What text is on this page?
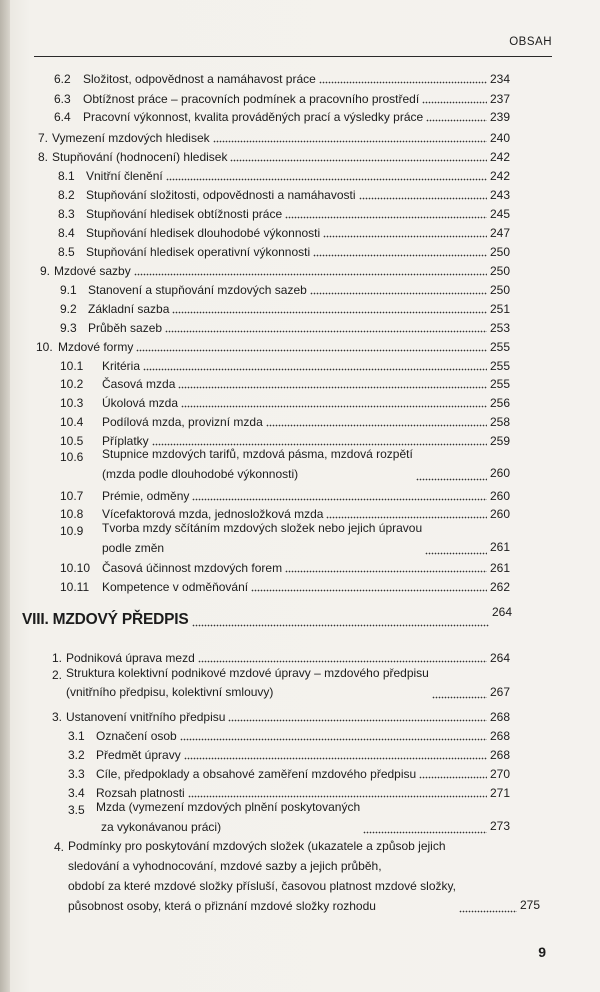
OBSAH
6.2	Složitost, odpovědnost a namáhavost práce	234
6.3	Obtížnost práce – pracovních podmínek a pracovního prostředí	237
6.4	Pracovní výkonnost, kvalita prováděných prací a výsledky práce	239
7. Vymezení mzdových hledisek	240
8. Stupňování (hodnocení) hledisek	242
8.1 Vnitřní členění	242
8.2 Stupňování složitosti, odpovědnosti a namáhavosti	243
8.3 Stupňování hledisek obtížnosti práce	245
8.4 Stupňování hledisek dlouhodobé výkonnosti	247
8.5 Stupňování hledisek operativní výkonnosti	250
9. Mzdové sazby	250
9.1 Stanovení a stupňování mzdových sazeb	250
9.2 Základní sazba	251
9.3 Průběh sazeb	253
10. Mzdové formy	255
10.1	Kritéria	255
10.2	Časová mzda	255
10.3	Úkolová mzda	256
10.4	Podílová mzda, provizní mzda	258
10.5	Příplatky	259
10.6	Stupnice mzdových tarifů, mzdová pásma, mzdová rozpětí
(mzda podle dlouhodobé výkonnosti)	260
10.7	Prémie, odměny	260
10.8	Vícefaktorová mzda, jednosložková mzda	260
10.9	Tvorba mzdy sčítáním mzdových složek nebo jejich úpravou
podle změn	261
10.10 Časová účinnost mzdových forem	261
10.11	Kompetence v odměňování	262
VIII. MZDOVÝ PŘEDPIS	264
1. Podniková úprava mezd	264
2. Struktura kolektivní podnikové mzdové úpravy – mzdového předpisu
(vnitřního předpisu, kolektivní smlouvy)	267
3. Ustanovení vnitřního předpisu	268
3.1 Označení osob	268
3.2 Předmět úpravy	268
3.3 Cíle, předpoklady a obsahové zaměření mzdového předpisu	270
3.4 Rozsah platnosti	271
3.5 Mzda (vymezení mzdových plnění poskytovaných
za vykonávanou práci)	273
4. Podmínky pro poskytování mzdových složek (ukazatele a způsob jejich
sledování a vyhodnocování, mzdové sazby a jejich průběh,
období za které mzdové složky přísluší, časovou platnost mzdové složky,
působnost osoby, která o přiznání mzdové složky rozhodu	275
9
